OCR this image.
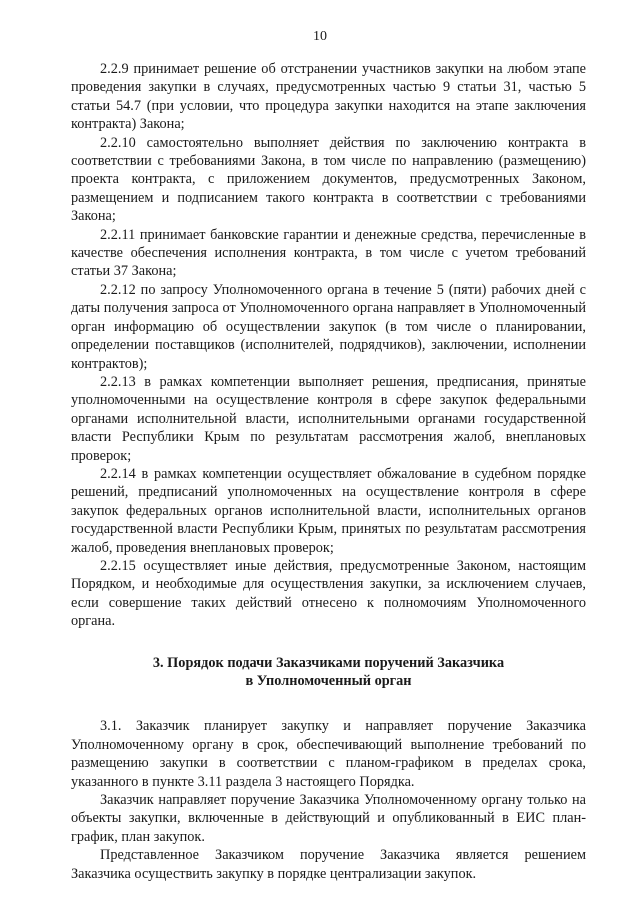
10

2.2.9 принимает решение об отстранении участников закупки на любом этапе проведения закупки в случаях, предусмотренных частью 9 статьи 31, частью 5 статьи 54.7 (при условии, что процедура закупки находится на этапе заключения контракта) Закона;

2.2.10 самостоятельно выполняет действия по заключению контракта в соответствии с требованиями Закона, в том числе по направлению (размещению) проекта контракта, с приложением документов, предусмотренных Законом, размещением и подписанием такого контракта в соответствии с требованиями Закона;

2.2.11 принимает банковские гарантии и денежные средства, перечисленные в качестве обеспечения исполнения контракта, в том числе с учетом требований статьи 37 Закона;

2.2.12 по запросу Уполномоченного органа в течение 5 (пяти) рабочих дней с даты получения запроса от Уполномоченного органа направляет в Уполномоченный орган информацию об осуществлении закупок (в том числе о планировании, определении поставщиков (исполнителей, подрядчиков), заключении, исполнении контрактов);

2.2.13 в рамках компетенции выполняет решения, предписания, принятые уполномоченными на осуществление контроля в сфере закупок федеральными органами исполнительной власти, исполнительными органами государственной власти Республики Крым по результатам рассмотрения жалоб, внеплановых проверок;

2.2.14 в рамках компетенции осуществляет обжалование в судебном порядке решений, предписаний уполномоченных на осуществление контроля в сфере закупок федеральных органов исполнительной власти, исполнительных органов государственной власти Республики Крым, принятых по результатам рассмотрения жалоб, проведения внеплановых проверок;

2.2.15 осуществляет иные действия, предусмотренные Законом, настоящим Порядком, и необходимые для осуществления закупки, за исключением случаев, если совершение таких действий отнесено к полномочиям Уполномоченного органа.

3. Порядок подачи Заказчиками поручений Заказчика
в Уполномоченный орган

3.1. Заказчик планирует закупку и направляет поручение Заказчика Уполномоченному органу в срок, обеспечивающий выполнение требований по размещению закупки в соответствии с планом-графиком в пределах срока, указанного в пункте 3.11 раздела 3 настоящего Порядка.

Заказчик направляет поручение Заказчика Уполномоченному органу только на объекты закупки, включенные в действующий и опубликованный в ЕИС план-график, план закупок.

Представленное Заказчиком поручение Заказчика является решением Заказчика осуществить закупку в порядке централизации закупок.
